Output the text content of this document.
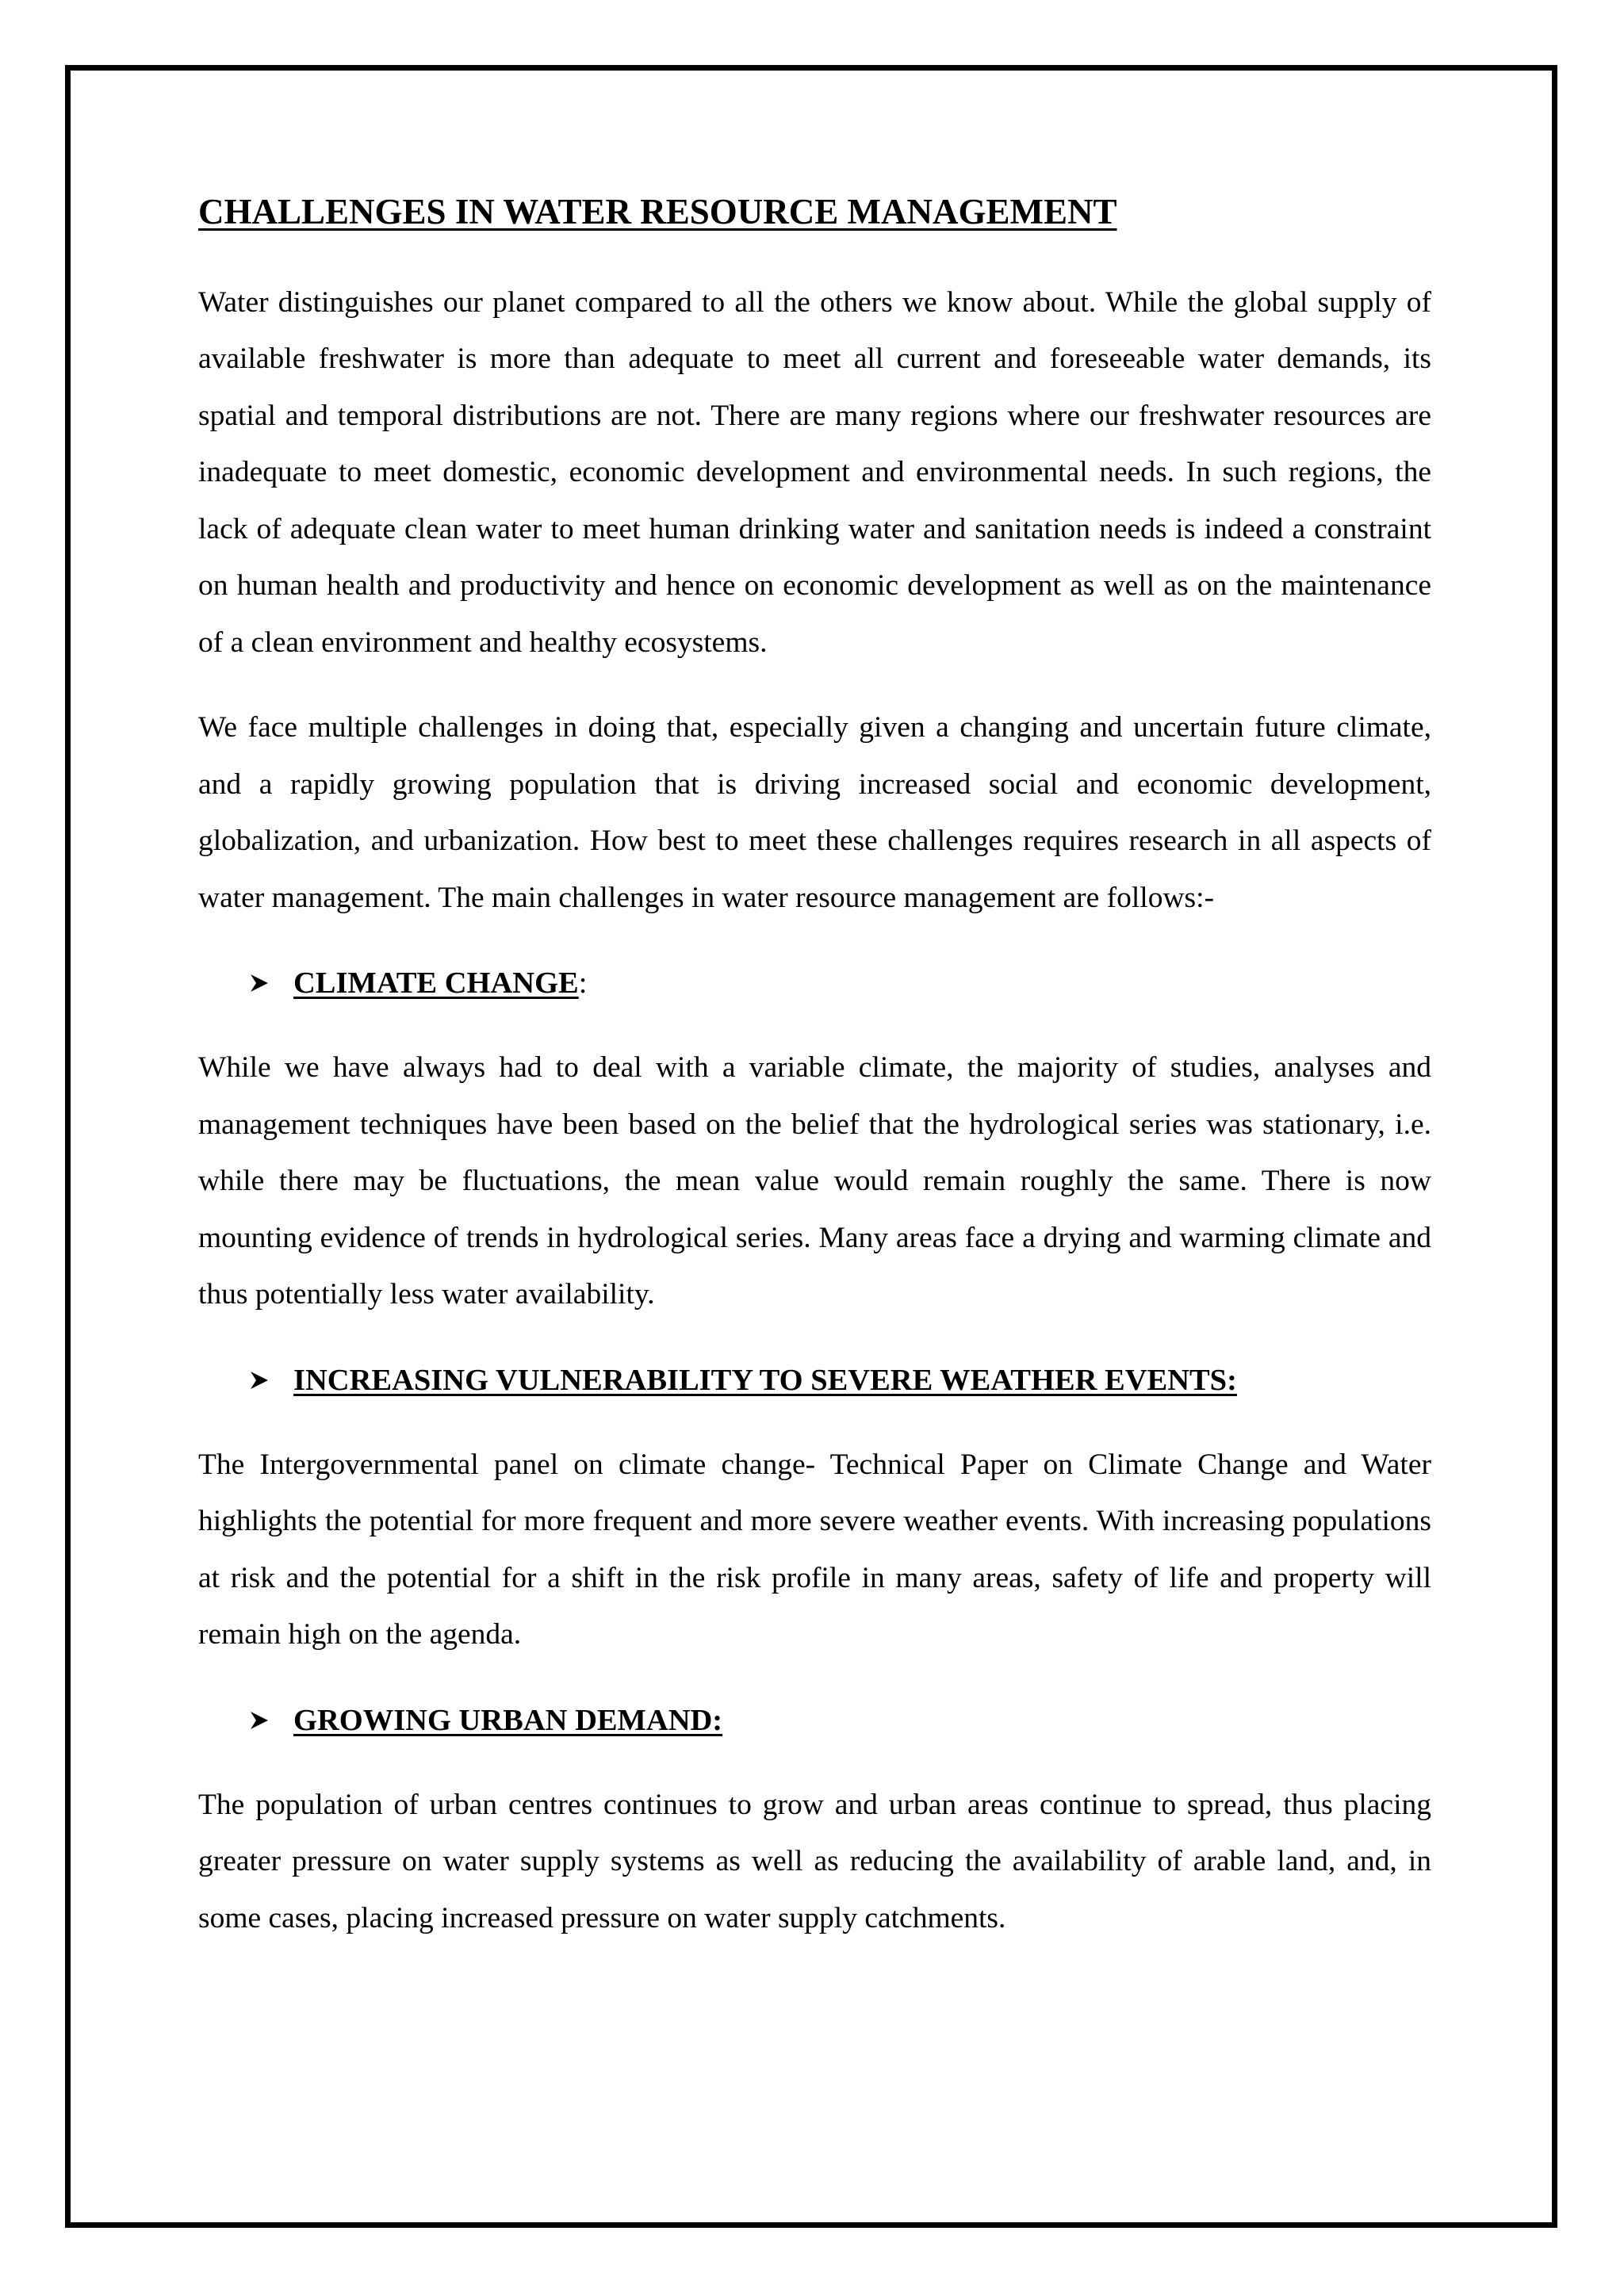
CHALLENGES IN WATER RESOURCE MANAGEMENT

Water distinguishes our planet compared to all the others we know about. While the global supply of available freshwater is more than adequate to meet all current and foreseeable water demands, its spatial and temporal distributions are not. There are many regions where our freshwater resources are inadequate to meet domestic, economic development and environmental needs. In such regions, the lack of adequate clean water to meet human drinking water and sanitation needs is indeed a constraint on human health and productivity and hence on economic development as well as on the maintenance of a clean environment and healthy ecosystems.

We face multiple challenges in doing that, especially given a changing and uncertain future climate, and a rapidly growing population that is driving increased social and economic development, globalization, and urbanization. How best to meet these challenges requires research in all aspects of water management. The main challenges in water resource management are follows:-

CLIMATE CHANGE :

While we have always had to deal with a variable climate, the majority of studies, analyses and management techniques have been based on the belief that the hydrological series was stationary, i.e. while there may be fluctuations, the mean value would remain roughly the same. There is now mounting evidence of trends in hydrological series. Many areas face a drying and warming climate and thus potentially less water availability.

INCREASING VULNERABILITY TO SEVERE WEATHER EVENTS:

The Intergovernmental panel on climate change- Technical Paper on Climate Change and Water highlights the potential for more frequent and more severe weather events. With increasing populations at risk and the potential for a shift in the risk profile in many areas, safety of life and property will remain high on the agenda.

GROWING URBAN DEMAND:

The population of urban centres continues to grow and urban areas continue to spread, thus placing greater pressure on water supply systems as well as reducing the availability of arable land, and, in some cases, placing increased pressure on water supply catchments.
